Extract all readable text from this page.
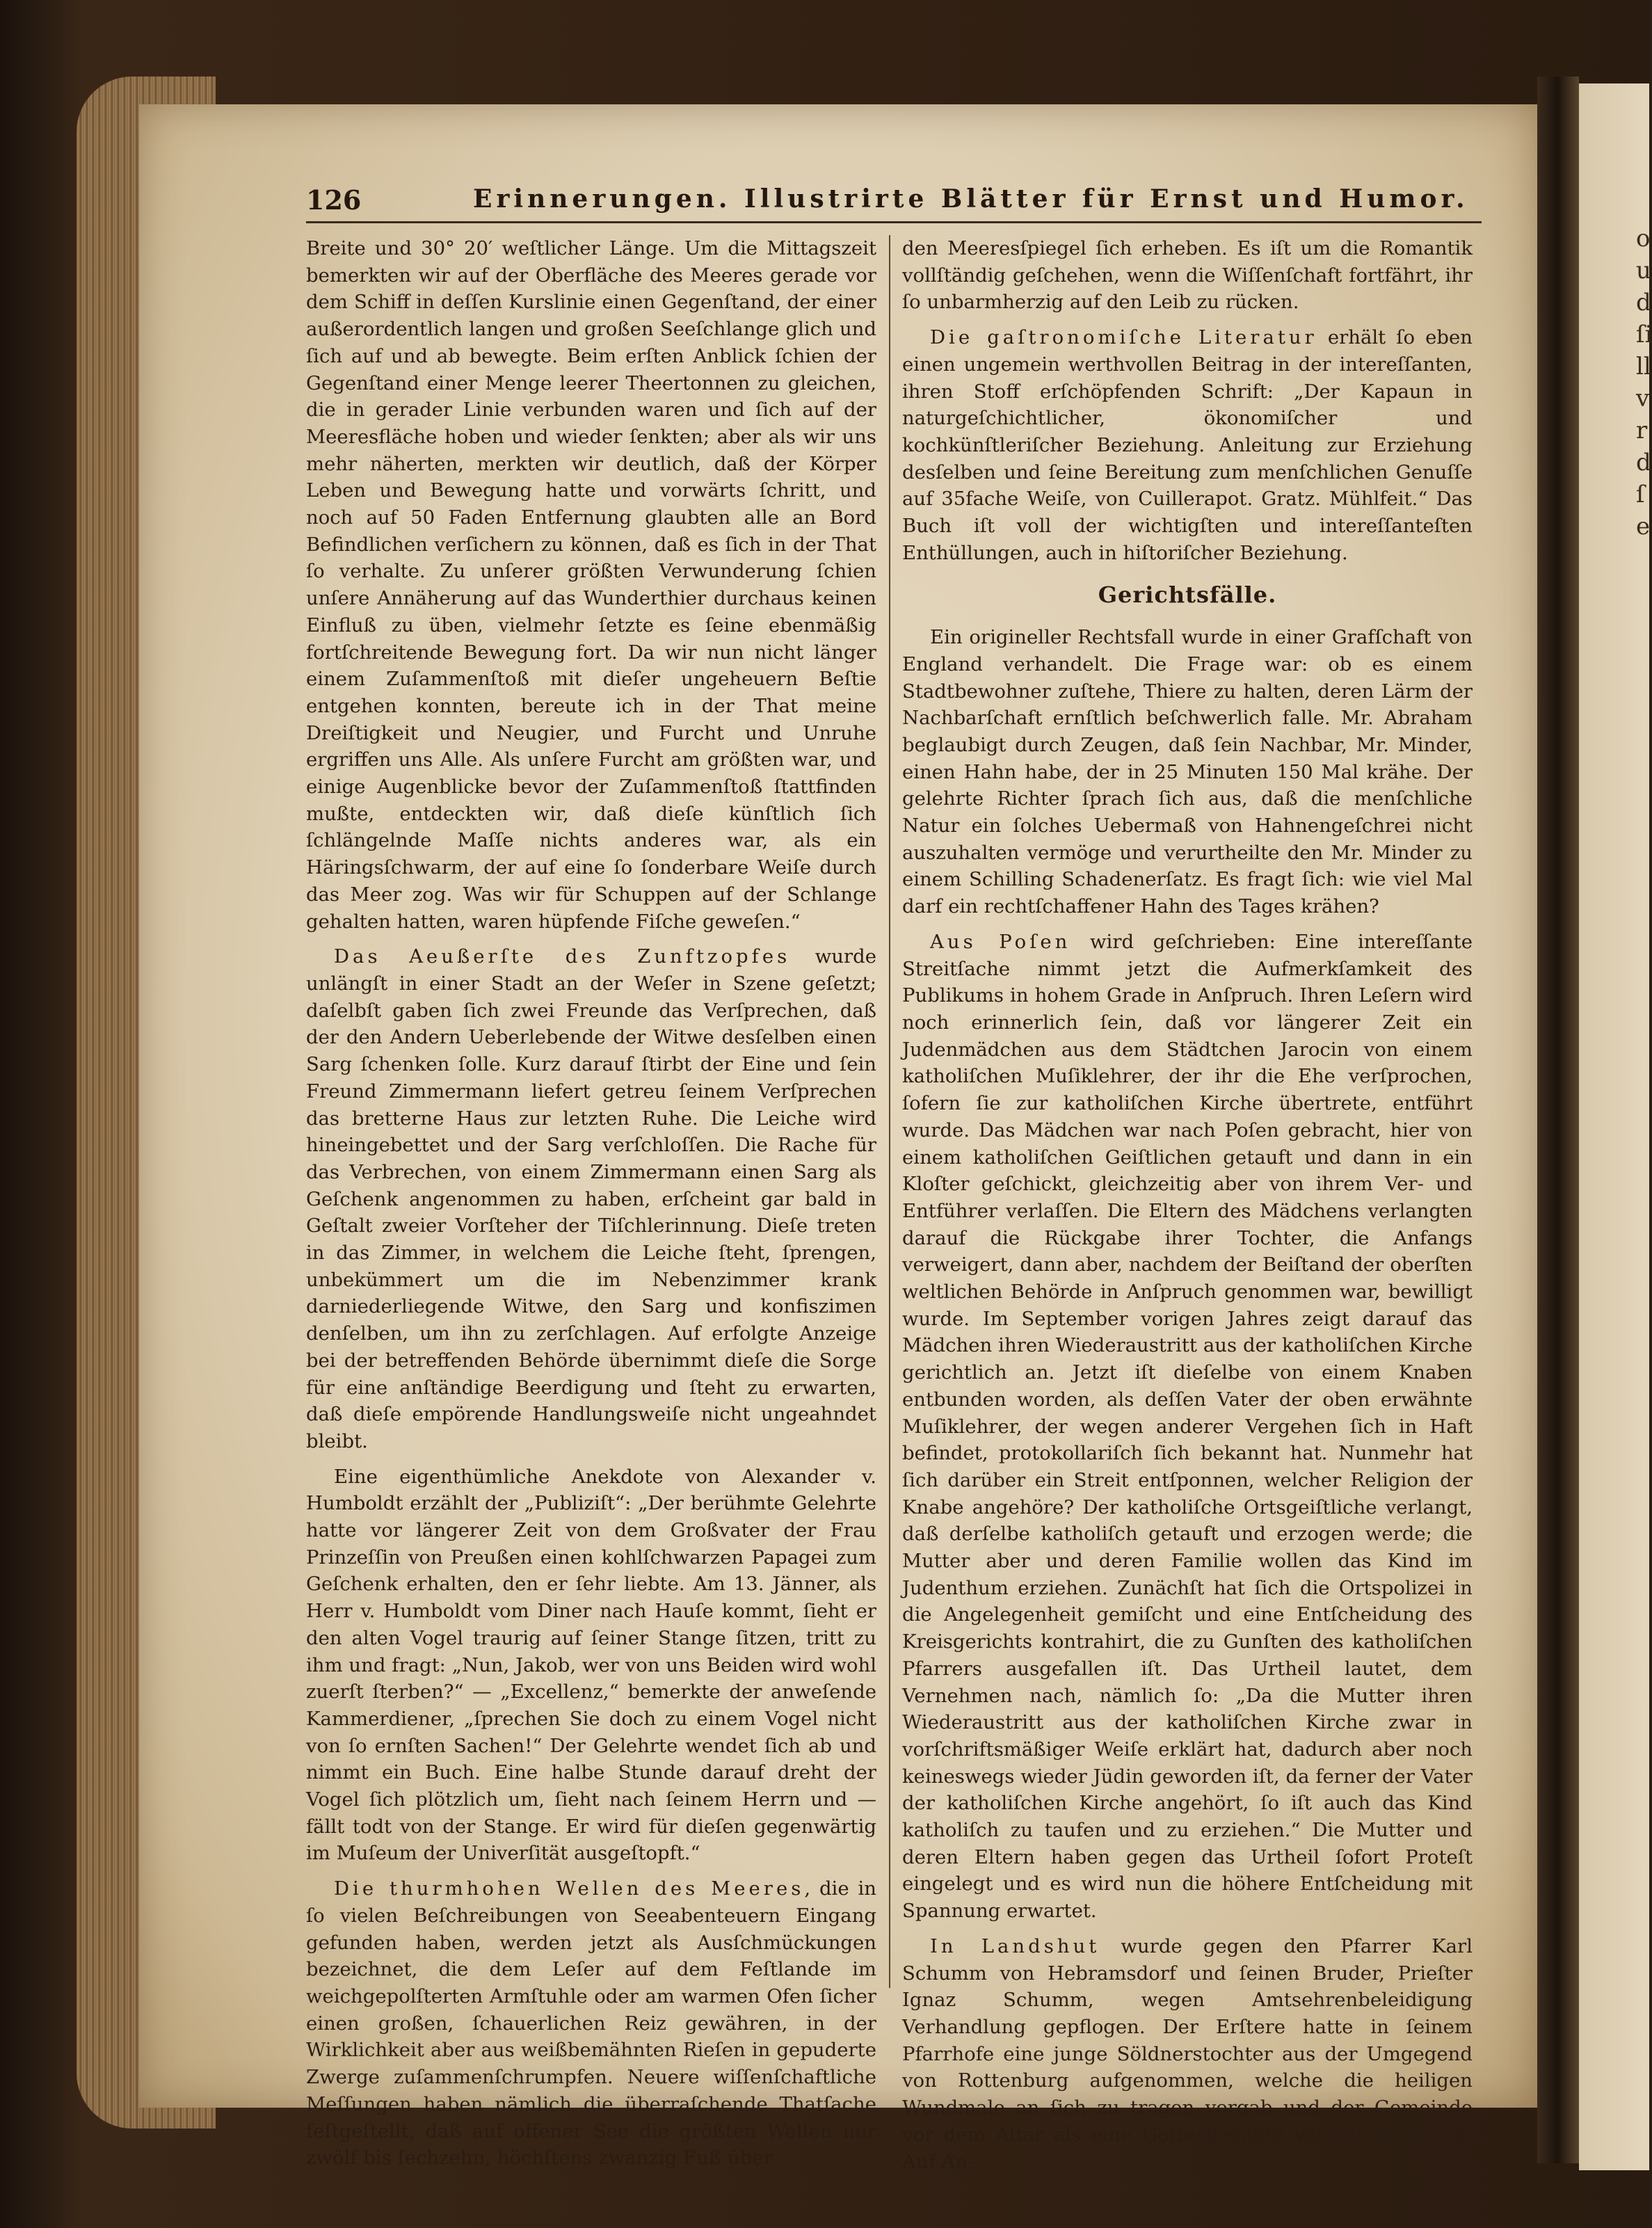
o
u
d
ſi
ll
v
r
d
ſ
e
126	Erinnerungen. Illustrirte Blätter für Ernst und Humor.

Breite und 30° 20′ weſtlicher Länge. Um die Mittagszeit bemerkten wir auf der Oberfläche des Meeres gerade vor dem Schiff in deſſen Kurslinie einen Gegenſtand, der einer außerordentlich langen und großen Seeſchlange glich und ſich auf und ab bewegte. Beim erſten Anblick ſchien der Gegenſtand einer Menge leerer Theertonnen zu gleichen, die in gerader Linie verbunden waren und ſich auf der Meeresfläche hoben und wieder ſenkten; aber als wir uns mehr näherten, merkten wir deutlich, daß der Körper Leben und Bewegung hatte und vorwärts ſchritt, und noch auf 50 Faden Entfernung glaubten alle an Bord Befindlichen verſichern zu können, daß es ſich in der That ſo verhalte. Zu unſerer größten Verwunderung ſchien unſere Annäherung auf das Wunderthier durchaus keinen Einfluß zu üben, vielmehr ſetzte es ſeine ebenmäßig fortſchreitende Bewegung fort. Da wir nun nicht länger einem Zuſammenſtoß mit dieſer ungeheuern Beſtie entgehen konnten, bereute ich in der That meine Dreiſtigkeit und Neugier, und Furcht und Unruhe ergriffen uns Alle. Als unſere Furcht am größten war, und einige Augenblicke bevor der Zuſammenſtoß ſtattfinden mußte, entdeckten wir, daß dieſe künſtlich ſich ſchlängelnde Maſſe nichts anderes war, als ein Häringsſchwarm, der auf eine ſo ſonderbare Weiſe durch das Meer zog. Was wir für Schuppen auf der Schlange gehalten hatten, waren hüpfende Fiſche geweſen.“

Das Aeußerſte des Zunftzopfes wurde unlängſt in einer Stadt an der Weſer in Szene geſetzt; daſelbſt gaben ſich zwei Freunde das Verſprechen, daß der den Andern Ueberlebende der Witwe desſelben einen Sarg ſchenken ſolle. Kurz darauf ſtirbt der Eine und ſein Freund Zimmermann liefert getreu ſeinem Verſprechen das bretterne Haus zur letzten Ruhe. Die Leiche wird hineingebettet und der Sarg verſchloſſen. Die Rache für das Verbrechen, von einem Zimmermann einen Sarg als Geſchenk angenommen zu haben, erſcheint gar bald in Geſtalt zweier Vorſteher der Tiſchlerinnung. Dieſe treten in das Zimmer, in welchem die Leiche ſteht, ſprengen, unbekümmert um die im Nebenzimmer krank darniederliegende Witwe, den Sarg und konfiszimen denſelben, um ihn zu zerſchlagen. Auf erfolgte Anzeige bei der betreffenden Behörde übernimmt dieſe die Sorge für eine anſtändige Beerdigung und ſteht zu erwarten, daß dieſe empörende Handlungsweiſe nicht ungeahndet bleibt.

Eine eigenthümliche Anekdote von Alexander v. Humboldt erzählt der „Publiziſt“: „Der berühmte Gelehrte hatte vor längerer Zeit von dem Großvater der Frau Prinzeſſin von Preußen einen kohlſchwarzen Papagei zum Geſchenk erhalten, den er ſehr liebte. Am 13. Jänner, als Herr v. Humboldt vom Diner nach Hauſe kommt, ſieht er den alten Vogel traurig auf ſeiner Stange ſitzen, tritt zu ihm und fragt: „Nun, Jakob, wer von uns Beiden wird wohl zuerſt ſterben?“ — „Excellenz,“ bemerkte der anweſende Kammerdiener, „ſprechen Sie doch zu einem Vogel nicht von ſo ernſten Sachen!“ Der Gelehrte wendet ſich ab und nimmt ein Buch. Eine halbe Stunde darauf dreht der Vogel ſich plötzlich um, ſieht nach ſeinem Herrn und — fällt todt von der Stange. Er wird für dieſen gegenwärtig im Muſeum der Univerſität ausgeſtopft.“

Die thurmhohen Wellen des Meeres, die in ſo vielen Beſchreibungen von Seeabenteuern Eingang gefunden haben, werden jetzt als Ausſchmückungen bezeichnet, die dem Leſer auf dem Feſtlande im weichgepolſterten Armſtuhle oder am warmen Ofen ſicher einen großen, ſchauerlichen Reiz gewähren, in der Wirklichkeit aber aus weißbemähnten Rieſen in gepuderte Zwerge zuſammenſchrumpfen. Neuere wiſſenſchaftliche Meſſungen haben nämlich die überraſchende Thatſache feſtgeſtellt, daß auf offener See die größten Wellen nur zwölf bis ſechzehn, höchſtens zwanzig Fuß über

den Meeresſpiegel ſich erheben. Es iſt um die Romantik vollſtändig geſchehen, wenn die Wiſſenſchaft fortfährt, ihr ſo unbarmherzig auf den Leib zu rücken.

Die gaſtronomiſche Literatur erhält ſo eben einen ungemein werthvollen Beitrag in der intereſſanten, ihren Stoff erſchöpfenden Schrift: „Der Kapaun in naturgeſchichtlicher, ökonomiſcher und kochkünſtleriſcher Beziehung. Anleitung zur Erziehung desſelben und ſeine Bereitung zum menſchlichen Genuſſe auf 35fache Weiſe, von Cuillerapot. Gratz. Mühlfeit.“ Das Buch iſt voll der wichtigſten und intereſſanteſten Enthüllungen, auch in hiſtoriſcher Beziehung.

Gerichtsfälle.

Ein origineller Rechtsfall wurde in einer Grafſchaft von England verhandelt. Die Frage war: ob es einem Stadtbewohner zuſtehe, Thiere zu halten, deren Lärm der Nachbarſchaft ernſtlich beſchwerlich falle. Mr. Abraham beglaubigt durch Zeugen, daß ſein Nachbar, Mr. Minder, einen Hahn habe, der in 25 Minuten 150 Mal krähe. Der gelehrte Richter ſprach ſich aus, daß die menſchliche Natur ein ſolches Uebermaß von Hahnengeſchrei nicht auszuhalten vermöge und verurtheilte den Mr. Minder zu einem Schilling Schadenerſatz. Es fragt ſich: wie viel Mal darf ein rechtſchaffener Hahn des Tages krähen?

Aus Poſen wird geſchrieben: Eine intereſſante Streitſache nimmt jetzt die Aufmerkſamkeit des Publikums in hohem Grade in Anſpruch. Ihren Leſern wird noch erinnerlich ſein, daß vor längerer Zeit ein Judenmädchen aus dem Städtchen Jarocin von einem katholiſchen Muſiklehrer, der ihr die Ehe verſprochen, ſofern ſie zur katholiſchen Kirche übertrete, entführt wurde. Das Mädchen war nach Poſen gebracht, hier von einem katholiſchen Geiſtlichen getauft und dann in ein Kloſter geſchickt, gleichzeitig aber von ihrem Ver- und Entführer verlaſſen. Die Eltern des Mädchens verlangten darauf die Rückgabe ihrer Tochter, die Anfangs verweigert, dann aber, nachdem der Beiſtand der oberſten weltlichen Behörde in Anſpruch genommen war, bewilligt wurde. Im September vorigen Jahres zeigt darauf das Mädchen ihren Wiederaustritt aus der katholiſchen Kirche gerichtlich an. Jetzt iſt dieſelbe von einem Knaben entbunden worden, als deſſen Vater der oben erwähnte Muſiklehrer, der wegen anderer Vergehen ſich in Haft befindet, protokollariſch ſich bekannt hat. Nunmehr hat ſich darüber ein Streit entſponnen, welcher Religion der Knabe angehöre? Der katholiſche Ortsgeiſtliche verlangt, daß derſelbe katholiſch getauft und erzogen werde; die Mutter aber und deren Familie wollen das Kind im Judenthum erziehen. Zunächſt hat ſich die Ortspolizei in die Angelegenheit gemiſcht und eine Entſcheidung des Kreisgerichts kontrahirt, die zu Gunſten des katholiſchen Pfarrers ausgefallen iſt. Das Urtheil lautet, dem Vernehmen nach, nämlich ſo: „Da die Mutter ihren Wiederaustritt aus der katholiſchen Kirche zwar in vorſchriftsmäßiger Weiſe erklärt hat, dadurch aber noch keineswegs wieder Jüdin geworden iſt, da ferner der Vater der katholiſchen Kirche angehört, ſo iſt auch das Kind katholiſch zu taufen und zu erziehen.“ Die Mutter und deren Eltern haben gegen das Urtheil ſofort Proteſt eingelegt und es wird nun die höhere Entſcheidung mit Spannung erwartet.

In Landshut wurde gegen den Pfarrer Karl Schumm von Hebramsdorf und ſeinen Bruder, Prieſter Ignaz Schumm, wegen Amtsehrenbeleidigung Verhandlung gepflogen. Der Erſtere hatte in ſeinem Pfarrhofe eine junge Söldnerstochter aus der Umgegend von Rottenburg aufgenommen, welche die heiligen Wundmale an ſich zu tragen vorgab und der Gemeinde vor dem Altar als eine Gottesbegabte vorgeſtellt wurde. Auf An-
